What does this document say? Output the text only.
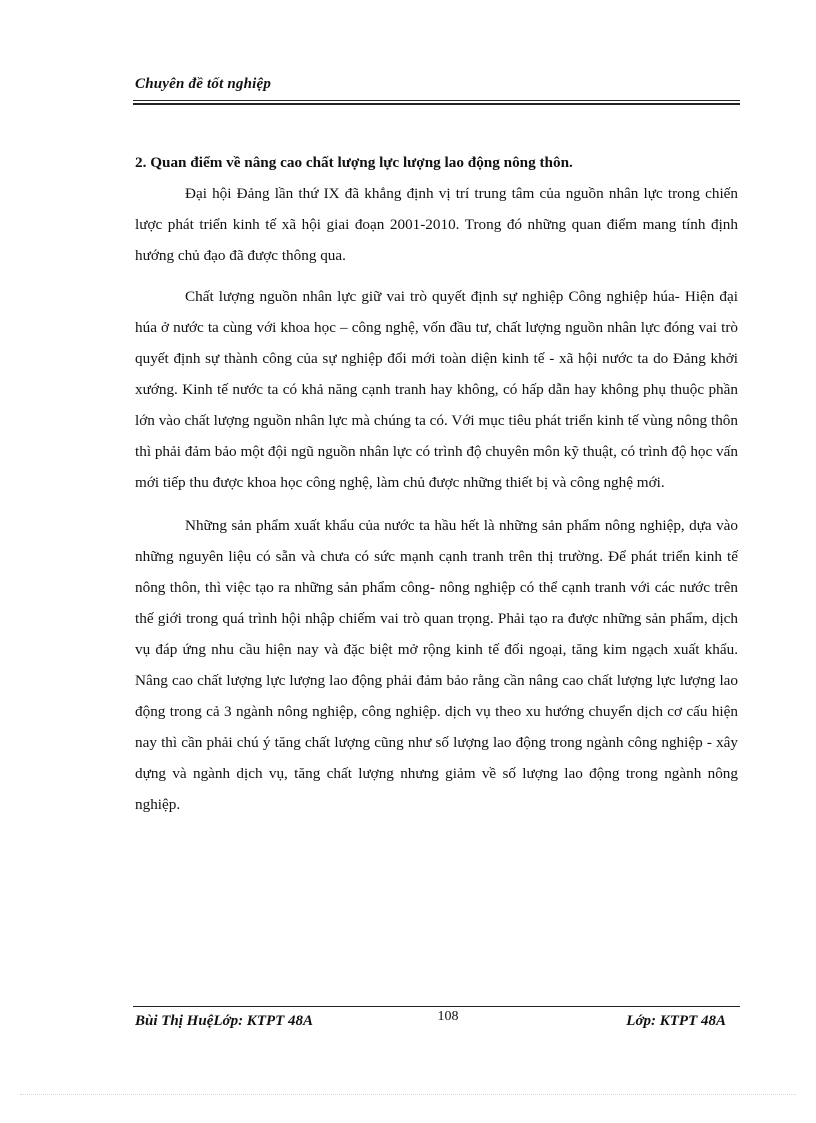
Chuyên đề tốt nghiệp

2. Quan điểm về nâng cao chất lượng lực lượng lao động nông thôn.

Đại hội Đảng lần thứ IX đã khẳng định vị trí trung tâm của nguồn nhân lực trong chiến lược phát triển kinh tế xã hội giai đoạn 2001-2010. Trong đó những quan điểm mang tính định hướng chủ đạo đã được thông qua.

Chất lượng nguồn nhân lực giữ vai trò quyết định sự nghiệp Công nghiệp húa- Hiện đại húa ở nước ta cùng với khoa học – công nghệ, vốn đầu tư, chất lượng nguồn nhân lực đóng vai trò quyết định sự thành công của sự nghiệp đổi mới toàn diện kinh tế - xã hội nước ta do Đảng khởi xướng. Kinh tế nước ta có khả năng cạnh tranh hay không, có hấp dẫn hay không phụ thuộc phần lớn vào chất lượng nguồn nhân lực mà chúng ta có. Với mục tiêu phát triển kinh tế vùng nông thôn thì phải đảm bảo một đội ngũ nguồn nhân lực có trình độ chuyên môn kỹ thuật, có trình độ học vấn mới tiếp thu được khoa học công nghệ, làm chủ được những thiết bị và công nghệ mới.

Những sản phẩm xuất khẩu của nước ta hầu hết là những sản phẩm nông nghiệp, dựa vào những nguyên liệu có sẵn và chưa có sức mạnh cạnh tranh trên thị trường. Để phát triển kinh tế nông thôn, thì việc tạo ra những sản phẩm công- nông nghiệp có thể cạnh tranh với các nước trên thế giới trong quá trình hội nhập chiếm vai trò quan trọng. Phải tạo ra được những sản phẩm, dịch vụ đáp ứng nhu cầu hiện nay và đặc biệt mở rộng kinh tế đối ngoại, tăng kim ngạch xuất khẩu. Nâng cao chất lượng lực lượng lao động phải đảm bảo rằng cần nâng cao chất lượng lực lượng lao động trong cả 3 ngành nông nghiệp, công nghiệp. dịch vụ theo xu hướng chuyển dịch cơ cấu hiện nay thì cần phải chú ý tăng chất lượng cũng như số lượng lao động trong ngành công nghiệp - xây dựng và ngành dịch vụ, tăng chất lượng nhưng giảm về số lượng lao động trong ngành nông nghiệp.

Bùi Thị HuệLớp: KTPT 48A	108	Lớp: KTPT 48A
